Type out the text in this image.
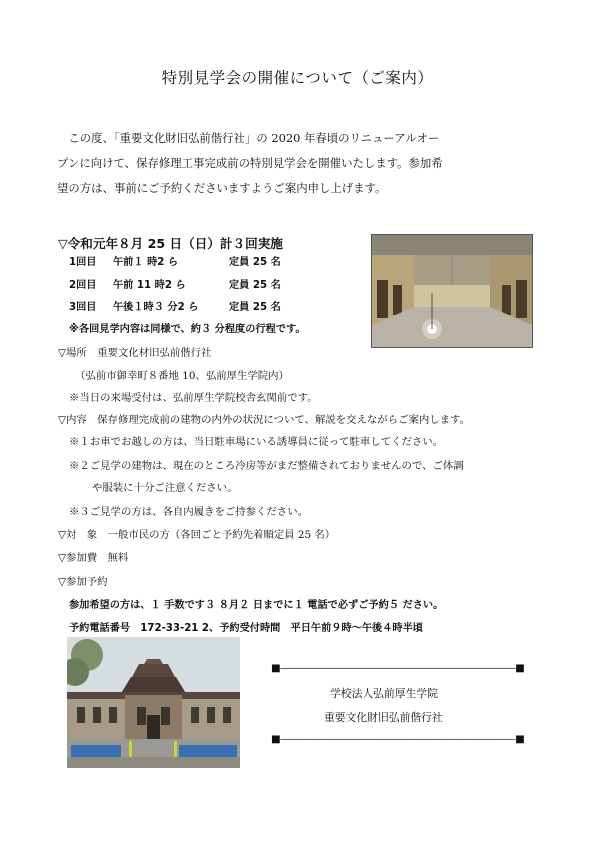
特別見学会の開催について（ご案内）
この度、「重要文化財旧弘前偕行社」の 2020 年春頃のリニューアルオー
プンに向けて、保存修理工事完成前の特別見学会を開催いたします。参加希
望の方は、事前にご予約くださいますようご案内申し上げます。
▽令和元年８月 25 日（日）計３回実施
1回目 午前１ 時2 ら	定員 25 名
2回目 午前 11 時2 ら	定員 25 名
3回目 午後１時３ 分2 ら	定員 25 名
※各回見学内容は同様で、約３ 分程度の行程です。
▽場所　重要文化材旧弘前偕行社
（弘前市御幸町８番地 10、弘前厚生学院内）
※当日の来場受付は、弘前厚生学院校舎玄関前です。
▽内容　保存修理完成前の建物の内外の状況について、解説を交えながらご案内します。
※１お車でお越しの方は、当日駐車場にいる誘導員に従って駐車してください。
※２ご見学の建物は、現在のところ冷房等がまだ整備されておりませんので、ご体調
や服装に十分ご注意ください。
※３ご見学の方は、各自内履きをご持参ください。
▽対　象　一般市民の方（各回ごと予約先着順定員 25 名）
▽参加費　無料
▽参加予約
参加希望の方は、１ 手数です３ ８月２ 日までに１ 電話で必ずご予約５ ださい。
予約電話番号　172-33-21 2、予約受付時間　平日午前９時～午後４時半頃
■――――――――――――――――――――――――■
学校法人弘前厚生学院
重要文化財旧弘前偕行社
■――――――――――――――――――――――――■
